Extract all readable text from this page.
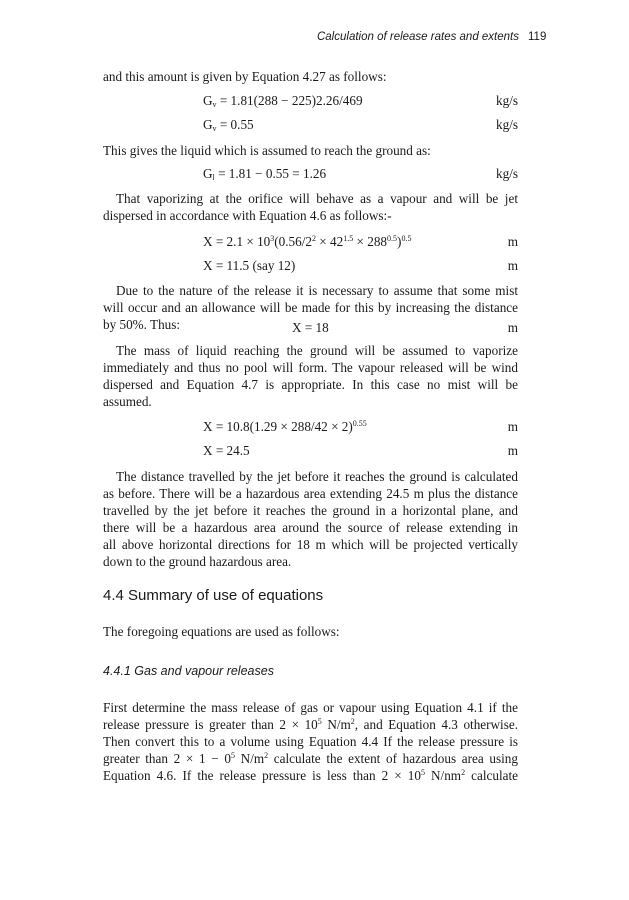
Calculation of release rates and extents 119
and this amount is given by Equation 4.27 as follows:
$G_v = 1.81(288 - 225)2.26/469$	kg/s
$G_v = 0.55$	kg/s
This gives the liquid which is assumed to reach the ground as:
$G_l = 1.81 - 0.55 = 1.26$	kg/s
That vaporizing at the orifice will behave as a vapour and will be jet
dispersed in accordance with Equation 4.6 as follows:-
$X = 2.1 \times 10^3(0.56/2^2 \times 42^{1.5} \times 288^{0.5})^{0.5}$	m
X = 11.5 (say 12)	m
Due to the nature of the release it is necessary to assume that some mist
will occur and an allowance will be made for this by increasing the distance
by 50%. Thus:	X = 18	m
The mass of liquid reaching the ground will be assumed to vaporize
immediately and thus no pool will form. The vapour released will be wind
dispersed and Equation 4.7 is appropriate. In this case no mist will be
assumed.
$X = 10.8(1.29 \times 288/42 \times 2)^{0.55}$	m
X = 24.5	m
The distance travelled by the jet before it reaches the ground is calculated
as before. There will be a hazardous area extending 24.5 m plus the distance
travelled by the jet before it reaches the ground in a horizontal plane, and
there will be a hazardous area around the source of release extending in
all above horizontal directions for 18 m which will be projected vertically
down to the ground hazardous area.
4.4 Summary of use of equations
The foregoing equations are used as follows:
4.4.1 Gas and vapour releases
First determine the mass release of gas or vapour using Equation 4.1 if the
release pressure is greater than $2 \times 10^5$ $N/m^2$, and Equation 4.3 otherwise.
Then convert this to a volume using Equation 4.4 If the release pressure is
greater than $2 \times 1 - 0^5$ $N/m^2$ calculate the extent of hazardous area using
Equation 4.6. If the release pressure is less than $2 \times 10^5$ $N/nm^2$ calculate
